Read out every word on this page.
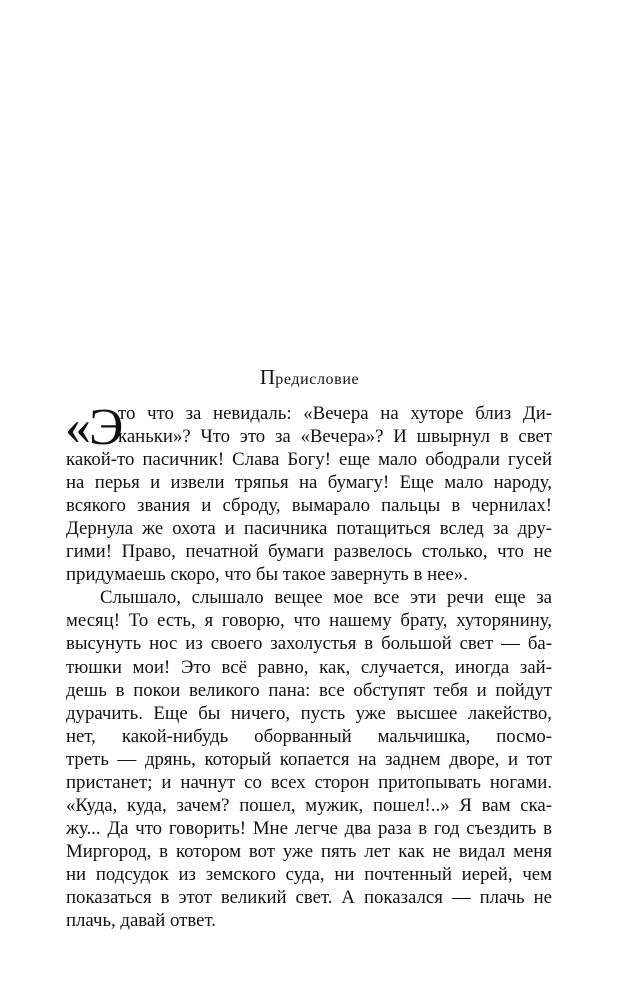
Предисловие
«Э
то что за невидаль: «Вечера на хуторе близ Ди-
каньки»? Что это за «Вечера»? И швырнул в свет
какой-то пасичник! Слава Богу! еще мало ободрали гусей
на перья и извели тряпья на бумагу! Еще мало народу,
всякого звания и сброду, вымарало пальцы в чернилах!
Дернула же охота и пасичника потащиться вслед за дру-
гими! Право, печатной бумаги развелось столько, что не
придумаешь скоро, что бы такое завернуть в нее».
Слышало, слышало вещее мое все эти речи еще за
месяц! То есть, я говорю, что нашему брату, хуторянину,
высунуть нос из своего захолустья в большой свет — ба-
тюшки мои! Это всё равно, как, случается, иногда зай-
дешь в покои великого пана: все обступят тебя и пойдут
дурачить. Еще бы ничего, пусть уже высшее лакейство,
нет, какой-нибудь оборванный мальчишка, посмо-
треть — дрянь, который копается на заднем дворе, и тот
пристанет; и начнут со всех сторон притопывать ногами.
«Куда, куда, зачем? пошел, мужик, пошел!..» Я вам ска-
жу... Да что говорить! Мне легче два раза в год съездить в
Миргород, в котором вот уже пять лет как не видал меня
ни подсудок из земского суда, ни почтенный иерей, чем
показаться в этот великий свет. А показался — плачь не
плачь, давай ответ.
